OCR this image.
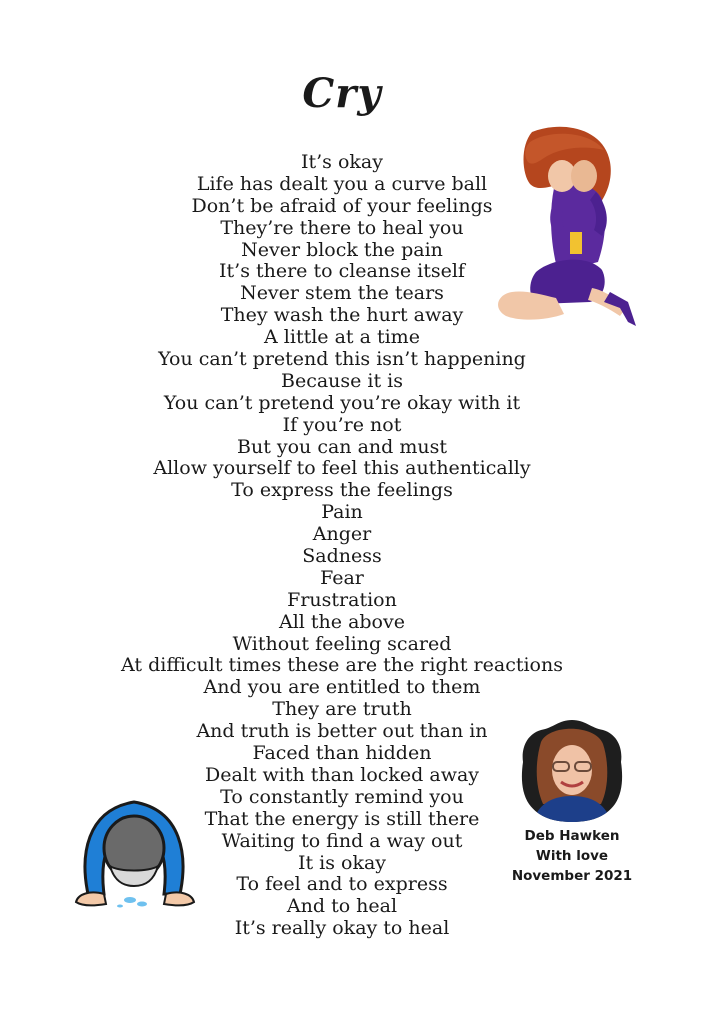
Cry
It’s okay
Life has dealt you a curve ball
Don’t be afraid of your feelings
They’re there to heal you
Never block the pain
It’s there to cleanse itself
Never stem the tears
They wash the hurt away
A little at a time
You can’t pretend this isn’t happening
Because it is
You can’t pretend you’re okay with it
If you’re not
But you can and must
Allow yourself to feel this authentically
To express the feelings
Pain
Anger
Sadness
Fear
Frustration
All the above
Without feeling scared
At difficult times these are the right reactions
And you are entitled to them
They are truth
And truth is better out than in
Faced than hidden
Dealt with than locked away
To constantly remind you
That the energy is still there
Waiting to find a way out
It is okay
To feel and to express
And to heal
It’s really okay to heal
Deb Hawken
With love
November 2021
